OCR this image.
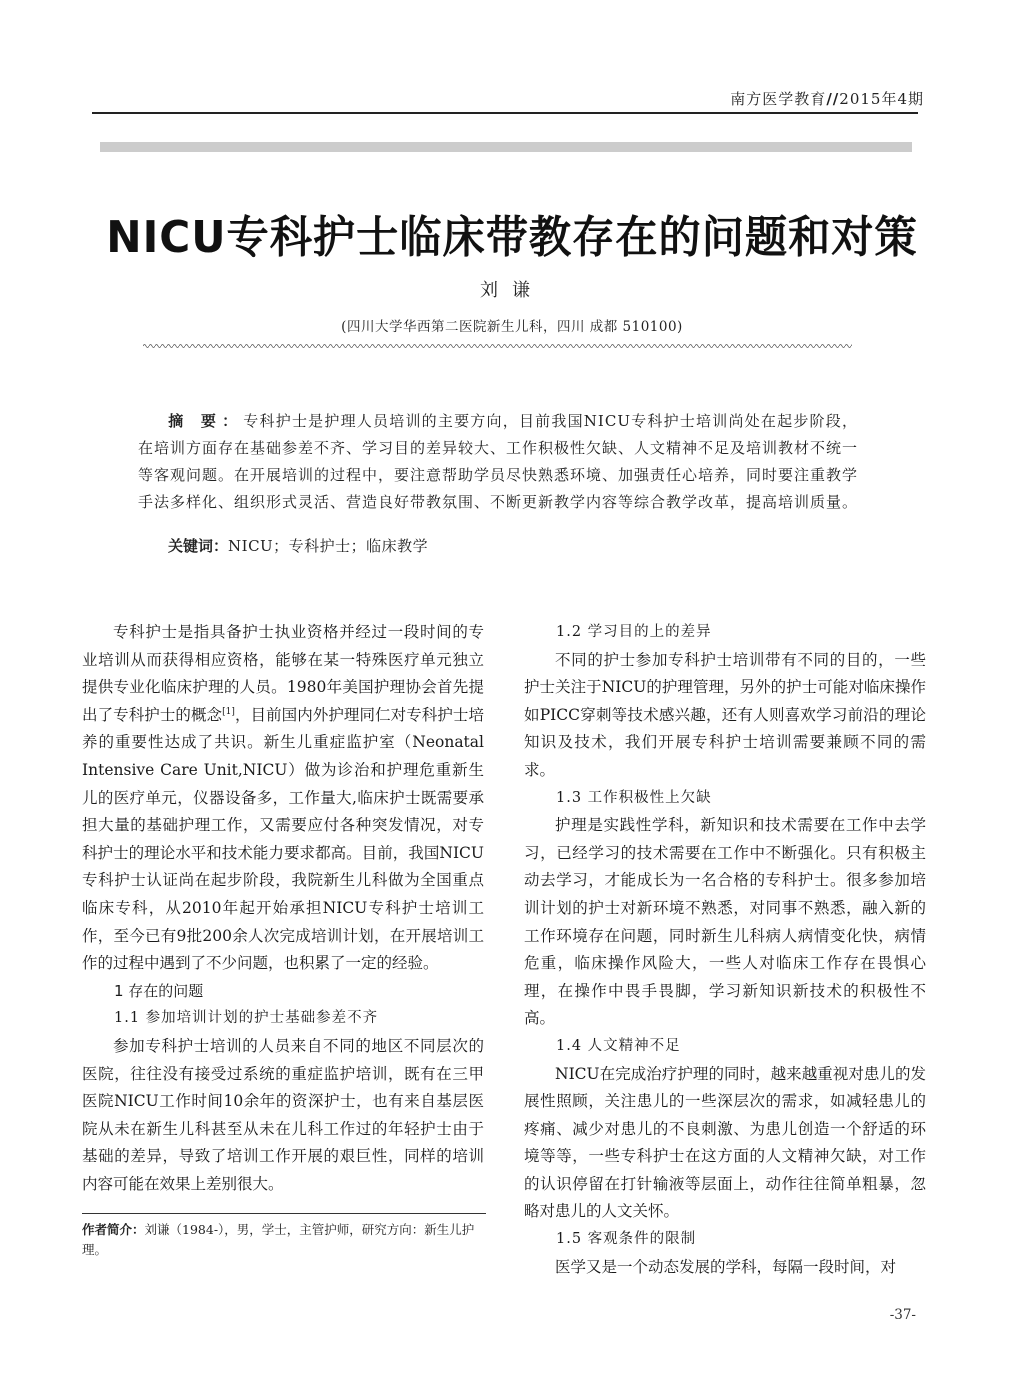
南方医学教育//2015年4期
NICU专科护士临床带教存在的问题和对策
刘谦
(四川大学华西第二医院新生儿科，四川 成都 510100)
摘 要：专科护士是护理人员培训的主要方向，目前我国NICU专科护士培训尚处在起步阶段，在培训方面存在基础参差不齐、学习目的差异较大、工作积极性欠缺、人文精神不足及培训教材不统一等客观问题。在开展培训的过程中，要注意帮助学员尽快熟悉环境、加强责任心培养，同时要注重教学手法多样化、组织形式灵活、营造良好带教氛围、不断更新教学内容等综合教学改革，提高培训质量。
关键词：NICU；专科护士；临床教学

专科护士是指具备护士执业资格并经过一段时间的专业培训从而获得相应资格，能够在某一特殊医疗单元独立提供专业化临床护理的人员。1980年美国护理协会首先提出了专科护士的概念[1]，目前国内外护理同仁对专科护士培养的重要性达成了共识。新生儿重症监护室（Neonatal Intensive Care Unit,NICU）做为诊治和护理危重新生儿的医疗单元，仪器设备多，工作量大,临床护士既需要承担大量的基础护理工作，又需要应付各种突发情况，对专科护士的理论水平和技术能力要求都高。目前，我国NICU专科护士认证尚在起步阶段，我院新生儿科做为全国重点临床专科，从2010年起开始承担NICU专科护士培训工作，至今已有9批200余人次完成培训计划，在开展培训工作的过程中遇到了不少问题，也积累了一定的经验。

1 存在的问题
1.1 参加培训计划的护士基础参差不齐

参加专科护士培训的人员来自不同的地区不同层次的医院，往往没有接受过系统的重症监护培训，既有在三甲医院NICU工作时间10余年的资深护士，也有来自基层医院从未在新生儿科甚至从未在儿科工作过的年轻护士由于基础的差异，导致了培训工作开展的艰巨性，同样的培训内容可能在效果上差别很大。

1.2 学习目的上的差异

不同的护士参加专科护士培训带有不同的目的，一些护士关注于NICU的护理管理，另外的护士可能对临床操作如PICC穿刺等技术感兴趣，还有人则喜欢学习前沿的理论知识及技术，我们开展专科护士培训需要兼顾不同的需求。

1.3 工作积极性上欠缺

护理是实践性学科，新知识和技术需要在工作中去学习，已经学习的技术需要在工作中不断强化。只有积极主动去学习，才能成长为一名合格的专科护士。很多参加培训计划的护士对新环境不熟悉，对同事不熟悉，融入新的工作环境存在问题，同时新生儿科病人病情变化快，病情危重，临床操作风险大，一些人对临床工作存在畏惧心理，在操作中畏手畏脚，学习新知识新技术的积极性不高。

1.4 人文精神不足

NICU在完成治疗护理的同时，越来越重视对患儿的发展性照顾，关注患儿的一些深层次的需求，如减轻患儿的疼痛、减少对患儿的不良刺激、为患儿创造一个舒适的环境等等，一些专科护士在这方面的人文精神欠缺，对工作的认识停留在打针输液等层面上，动作往往简单粗暴，忽略对患儿的人文关怀。

1.5 客观条件的限制

医学又是一个动态发展的学科，每隔一段时间，对

作者简介：刘谦（1984-），男，学士，主管护师，研究方向：新生儿护理。
-37-
